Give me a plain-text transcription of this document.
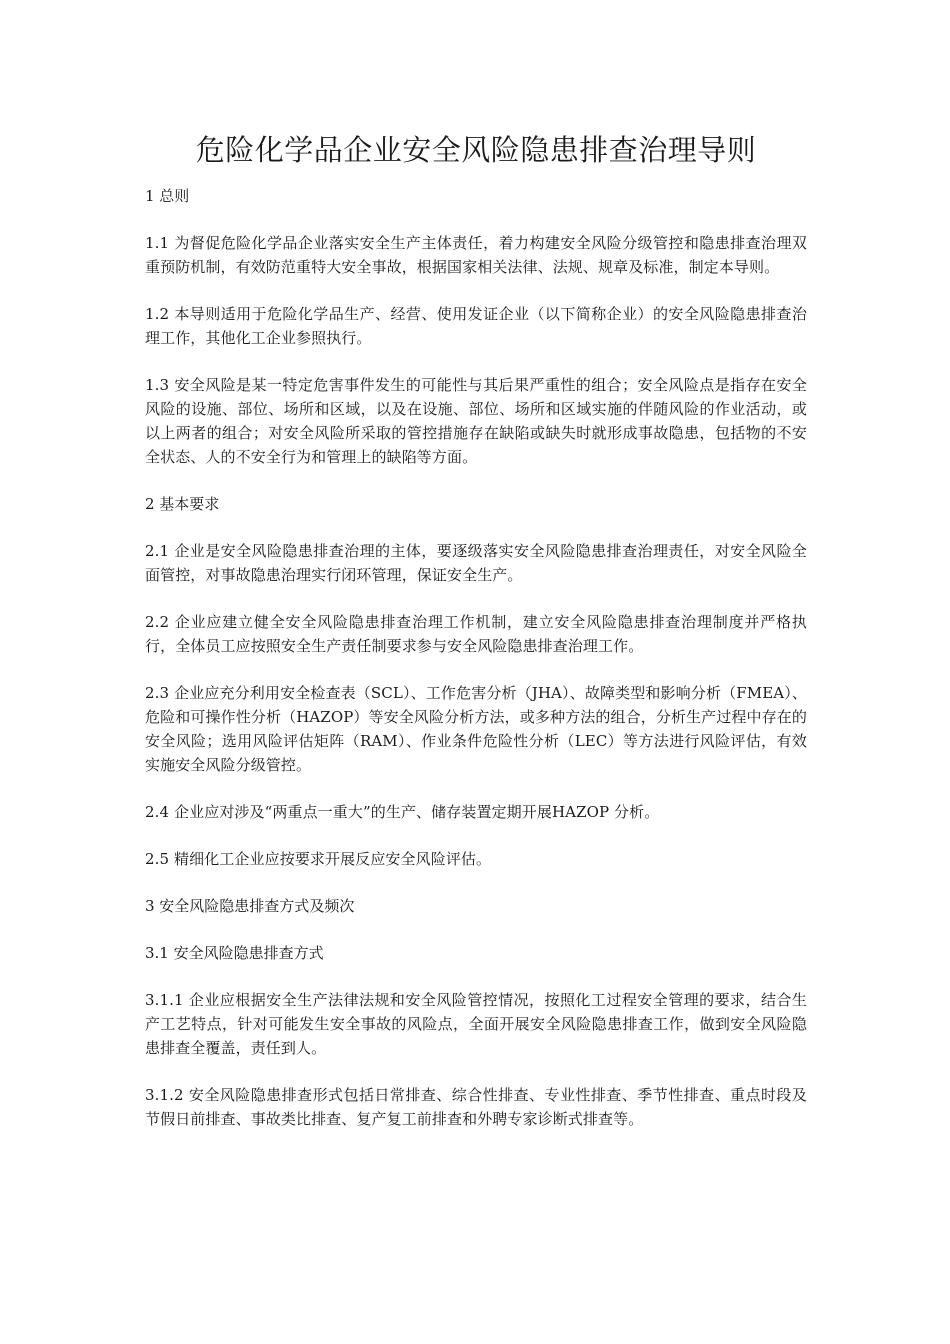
危险化学品企业安全风险隐患排查治理导则
1 总则

1.1 为督促危险化学品企业落实安全生产主体责任，着力构建安全风险分级管控和隐患排查治理双重预防机制，有效防范重特大安全事故，根据国家相关法律、法规、规章及标准，制定本导则。

1.2 本导则适用于危险化学品生产、经营、使用发证企业（以下简称企业）的安全风险隐患排查治理工作，其他化工企业参照执行。

1.3 安全风险是某一特定危害事件发生的可能性与其后果严重性的组合；安全风险点是指存在安全风险的设施、部位、场所和区域，以及在设施、部位、场所和区域实施的伴随风险的作业活动，或以上两者的组合；对安全风险所采取的管控措施存在缺陷或缺失时就形成事故隐患，包括物的不安全状态、人的不安全行为和管理上的缺陷等方面。

2 基本要求

2.1 企业是安全风险隐患排查治理的主体，要逐级落实安全风险隐患排查治理责任，对安全风险全面管控，对事故隐患治理实行闭环管理，保证安全生产。

2.2 企业应建立健全安全风险隐患排查治理工作机制，建立安全风险隐患排查治理制度并严格执行，全体员工应按照安全生产责任制要求参与安全风险隐患排查治理工作。

2.3 企业应充分利用安全检查表（SCL）、工作危害分析（JHA）、故障类型和影响分析（FMEA）、危险和可操作性分析（HAZOP）等安全风险分析方法，或多种方法的组合，分析生产过程中存在的安全风险；选用风险评估矩阵（RAM）、作业条件危险性分析（LEC）等方法进行风险评估，有效实施安全风险分级管控。

2.4 企业应对涉及“两重点一重大”的生产、储存装置定期开展HAZOP 分析。

2.5 精细化工企业应按要求开展反应安全风险评估。

3 安全风险隐患排查方式及频次
3.1 安全风险隐患排查方式

3.1.1 企业应根据安全生产法律法规和安全风险管控情况，按照化工过程安全管理的要求，结合生产工艺特点，针对可能发生安全事故的风险点，全面开展安全风险隐患排查工作，做到安全风险隐患排查全覆盖，责任到人。

3.1.2 安全风险隐患排查形式包括日常排查、综合性排查、专业性排查、季节性排查、重点时段及节假日前排查、事故类比排查、复产复工前排查和外聘专家诊断式排查等。
